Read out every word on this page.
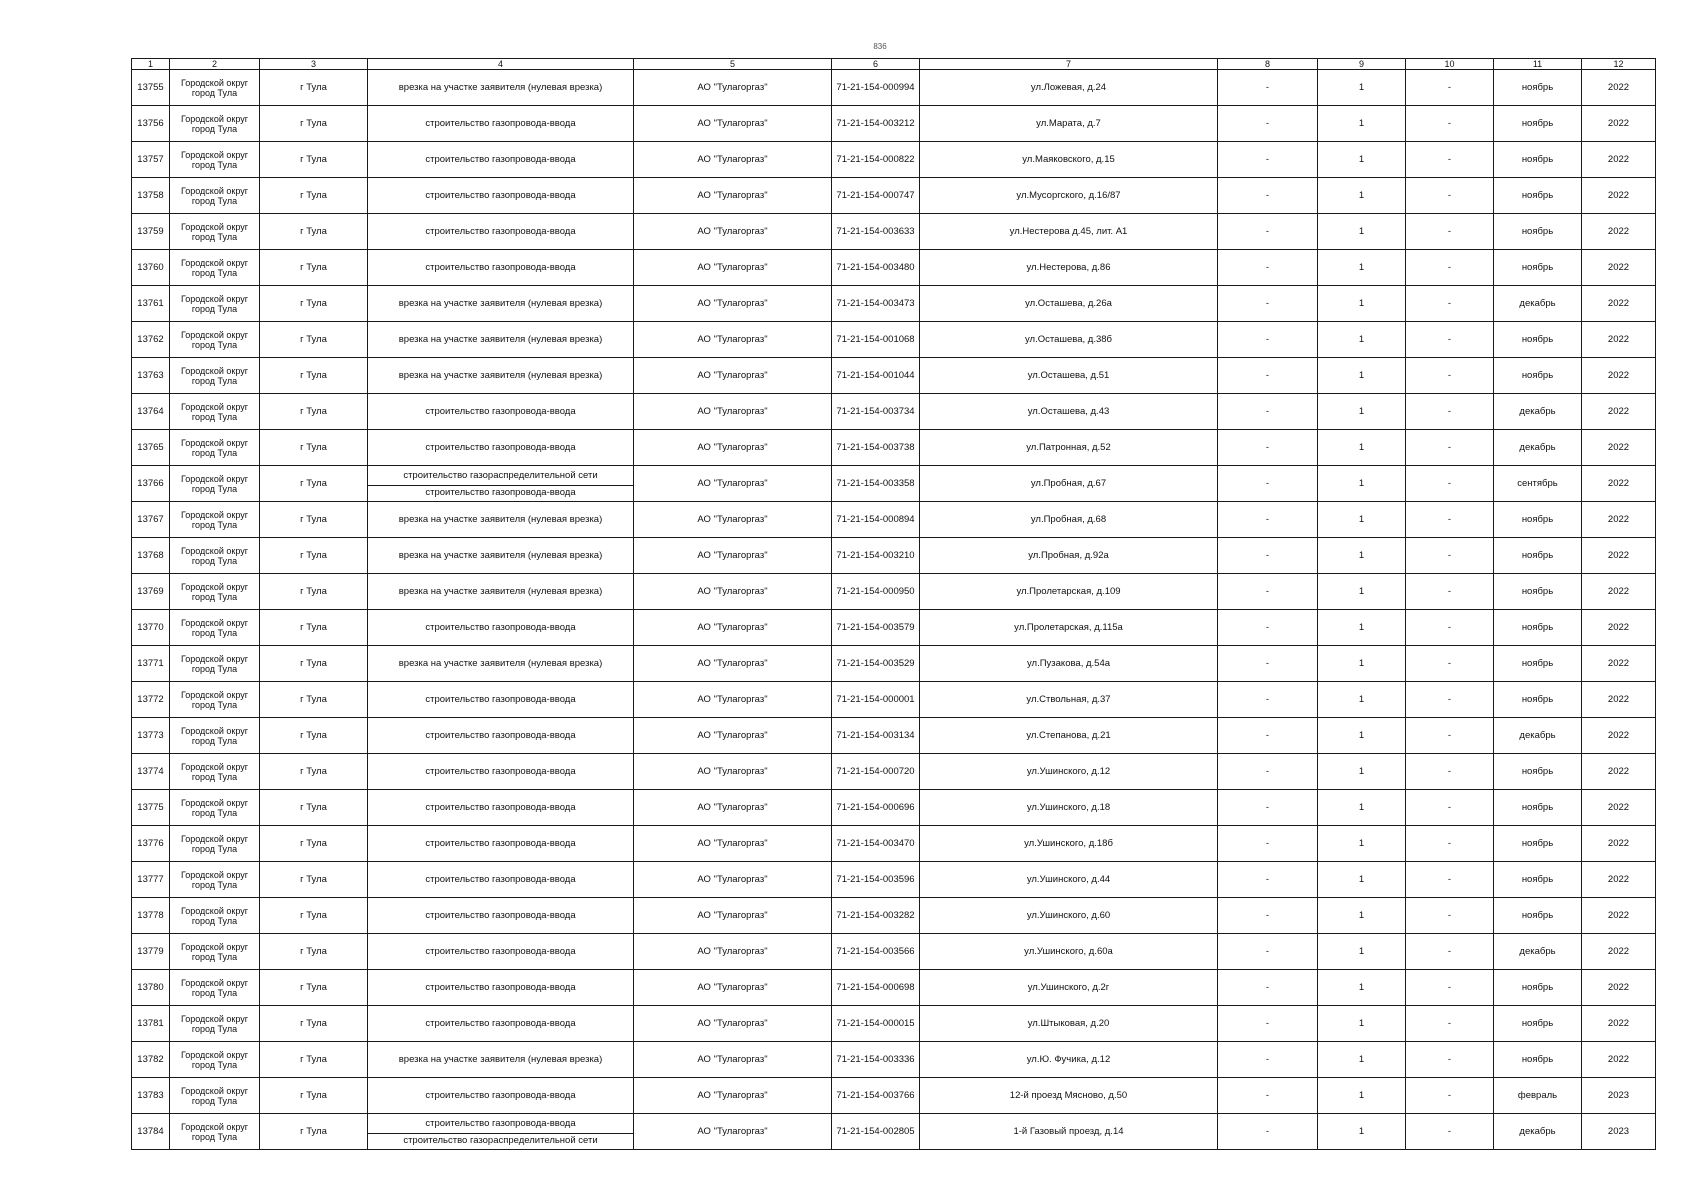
836
1	2	3	4	5	6	7	8	9	10	11	12
13755	Городской округ город Тула	г Тула	врезка на участке заявителя (нулевая врезка)	АО "Тулагоргаз"	71-21-154-000994	ул.Ложевая, д.24	-	1	-	ноябрь	2022
13756	Городской округ город Тула	г Тула	строительство газопровода-ввода	АО "Тулагоргаз"	71-21-154-003212	ул.Марата, д.7	-	1	-	ноябрь	2022
13757	Городской округ город Тула	г Тула	строительство газопровода-ввода	АО "Тулагоргаз"	71-21-154-000822	ул.Маяковского, д.15	-	1	-	ноябрь	2022
13758	Городской округ город Тула	г Тула	строительство газопровода-ввода	АО "Тулагоргаз"	71-21-154-000747	ул.Мусоргского, д.16/87	-	1	-	ноябрь	2022
13759	Городской округ город Тула	г Тула	строительство газопровода-ввода	АО "Тулагоргаз"	71-21-154-003633	ул.Нестерова д.45, лит. А1	-	1	-	ноябрь	2022
13760	Городской округ город Тула	г Тула	строительство газопровода-ввода	АО "Тулагоргаз"	71-21-154-003480	ул.Нестерова, д.86	-	1	-	ноябрь	2022
13761	Городской округ город Тула	г Тула	врезка на участке заявителя (нулевая врезка)	АО "Тулагоргаз"	71-21-154-003473	ул.Осташева, д.26а	-	1	-	декабрь	2022
13762	Городской округ город Тула	г Тула	врезка на участке заявителя (нулевая врезка)	АО "Тулагоргаз"	71-21-154-001068	ул.Осташева, д.38б	-	1	-	ноябрь	2022
13763	Городской округ город Тула	г Тула	врезка на участке заявителя (нулевая врезка)	АО "Тулагоргаз"	71-21-154-001044	ул.Осташева, д.51	-	1	-	ноябрь	2022
13764	Городской округ город Тула	г Тула	строительство газопровода-ввода	АО "Тулагоргаз"	71-21-154-003734	ул.Осташева, д.43	-	1	-	декабрь	2022
13765	Городской округ город Тула	г Тула	строительство газопровода-ввода	АО "Тулагоргаз"	71-21-154-003738	ул.Патронная, д.52	-	1	-	декабрь	2022
13766	Городской округ город Тула	г Тула	строительство газораспределительной сети
строительство газопровода-ввода	АО "Тулагоргаз"	71-21-154-003358	ул.Пробная, д.67	-	1	-	сентябрь	2022
13767	Городской округ город Тула	г Тула	врезка на участке заявителя (нулевая врезка)	АО "Тулагоргаз"	71-21-154-000894	ул.Пробная, д.68	-	1	-	ноябрь	2022
13768	Городской округ город Тула	г Тула	врезка на участке заявителя (нулевая врезка)	АО "Тулагоргаз"	71-21-154-003210	ул.Пробная, д.92а	-	1	-	ноябрь	2022
13769	Городской округ город Тула	г Тула	врезка на участке заявителя (нулевая врезка)	АО "Тулагоргаз"	71-21-154-000950	ул.Пролетарская, д.109	-	1	-	ноябрь	2022
13770	Городской округ город Тула	г Тула	строительство газопровода-ввода	АО "Тулагоргаз"	71-21-154-003579	ул.Пролетарская, д.115а	-	1	-	ноябрь	2022
13771	Городской округ город Тула	г Тула	врезка на участке заявителя (нулевая врезка)	АО "Тулагоргаз"	71-21-154-003529	ул.Пузакова, д.54а	-	1	-	ноябрь	2022
13772	Городской округ город Тула	г Тула	строительство газопровода-ввода	АО "Тулагоргаз"	71-21-154-000001	ул.Ствольная, д.37	-	1	-	ноябрь	2022
13773	Городской округ город Тула	г Тула	строительство газопровода-ввода	АО "Тулагоргаз"	71-21-154-003134	ул.Степанова, д.21	-	1	-	декабрь	2022
13774	Городской округ город Тула	г Тула	строительство газопровода-ввода	АО "Тулагоргаз"	71-21-154-000720	ул.Ушинского, д.12	-	1	-	ноябрь	2022
13775	Городской округ город Тула	г Тула	строительство газопровода-ввода	АО "Тулагоргаз"	71-21-154-000696	ул.Ушинского, д.18	-	1	-	ноябрь	2022
13776	Городской округ город Тула	г Тула	строительство газопровода-ввода	АО "Тулагоргаз"	71-21-154-003470	ул.Ушинского, д.18б	-	1	-	ноябрь	2022
13777	Городской округ город Тула	г Тула	строительство газопровода-ввода	АО "Тулагоргаз"	71-21-154-003596	ул.Ушинского, д.44	-	1	-	ноябрь	2022
13778	Городской округ город Тула	г Тула	строительство газопровода-ввода	АО "Тулагоргаз"	71-21-154-003282	ул.Ушинского, д.60	-	1	-	ноябрь	2022
13779	Городской округ город Тула	г Тула	строительство газопровода-ввода	АО "Тулагоргаз"	71-21-154-003566	ул.Ушинского, д.60а	-	1	-	декабрь	2022
13780	Городской округ город Тула	г Тула	строительство газопровода-ввода	АО "Тулагоргаз"	71-21-154-000698	ул.Ушинского, д.2г	-	1	-	ноябрь	2022
13781	Городской округ город Тула	г Тула	строительство газопровода-ввода	АО "Тулагоргаз"	71-21-154-000015	ул.Штыковая, д.20	-	1	-	ноябрь	2022
13782	Городской округ город Тула	г Тула	врезка на участке заявителя (нулевая врезка)	АО "Тулагоргаз"	71-21-154-003336	ул.Ю. Фучика, д.12	-	1	-	ноябрь	2022
13783	Городской округ город Тула	г Тула	строительство газопровода-ввода	АО "Тулагоргаз"	71-21-154-003766	12-й проезд Мясново, д.50	-	1	-	февраль	2023
13784	Городской округ город Тула	г Тула	строительство газопровода-ввода
строительство газораспределительной сети	АО "Тулагоргаз"	71-21-154-002805	1-й Газовый проезд, д.14	-	1	-	декабрь	2023
